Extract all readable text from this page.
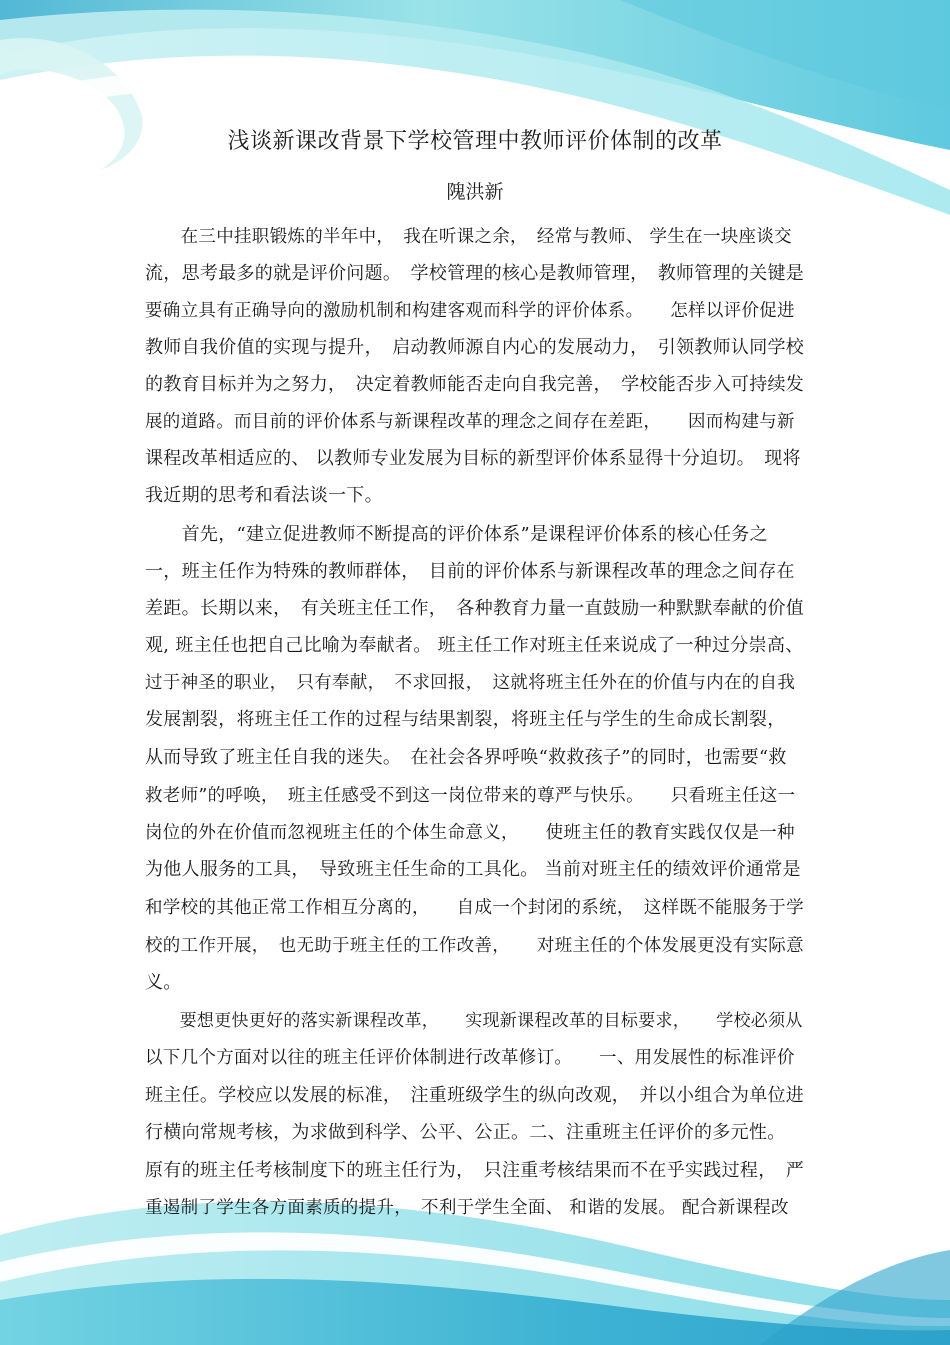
浅谈新课改背景下学校管理中教师评价体制的改革
隗洪新
　　在三中挂职锻炼的半年中，　我在听课之余，　经常与教师、 学生在一块座谈交
流，思考最多的就是评价问题。　学校管理的核心是教师管理，　教师管理的关键是
要确立具有正确导向的激励机制和构建客观而科学的评价体系。　　怎样以评价促进
教师自我价值的实现与提升，　启动教师源自内心的发展动力，　引领教师认同学校
的教育目标并为之努力，　决定着教师能否走向自我完善，　学校能否步入可持续发
展的道路。而目前的评价体系与新课程改革的理念之间存在差距，　　因而构建与新
课程改革相适应的、 以教师专业发展为目标的新型评价体系显得十分迫切。　现将
我近期的思考和看法谈一下。
　　首先，“建立促进教师不断提高的评价体系”是课程评价体系的核心任务之
一，班主任作为特殊的教师群体，　目前的评价体系与新课程改革的理念之间存在
差距。长期以来，　有关班主任工作，　各种教育力量一直鼓励一种默默奉献的价值
观, 班主任也把自己比喻为奉献者。 班主任工作对班主任来说成了一种过分崇高、
过于神圣的职业，　只有奉献，　不求回报，　这就将班主任外在的价值与内在的自我
发展割裂，将班主任工作的过程与结果割裂，将班主任与学生的生命成长割裂，
从而导致了班主任自我的迷失。　在社会各界呼唤“救救孩子”的同时，也需要“救
救老师”的呼唤，　班主任感受不到这一岗位带来的尊严与快乐。　　只看班主任这一
岗位的外在价值而忽视班主任的个体生命意义，　　使班主任的教育实践仅仅是一种
为他人服务的工具，　导致班主任生命的工具化。 当前对班主任的绩效评价通常是
和学校的其他正常工作相互分离的，　　自成一个封闭的系统，　这样既不能服务于学
校的工作开展，　也无助于班主任的工作改善，　　对班主任的个体发展更没有实际意
义。
　　要想更快更好的落实新课程改革，　　实现新课程改革的目标要求，　　学校必须从
以下几个方面对以往的班主任评价体制进行改革修订。　　一、用发展性的标准评价
班主任。学校应以发展的标准，　注重班级学生的纵向改观，　并以小组合为单位进
行横向常规考核，为求做到科学、公平、公正。二、注重班主任评价的多元性。
原有的班主任考核制度下的班主任行为，　只注重考核结果而不在乎实践过程，　严
重遏制了学生各方面素质的提升，　不利于学生全面、 和谐的发展。 配合新课程改
